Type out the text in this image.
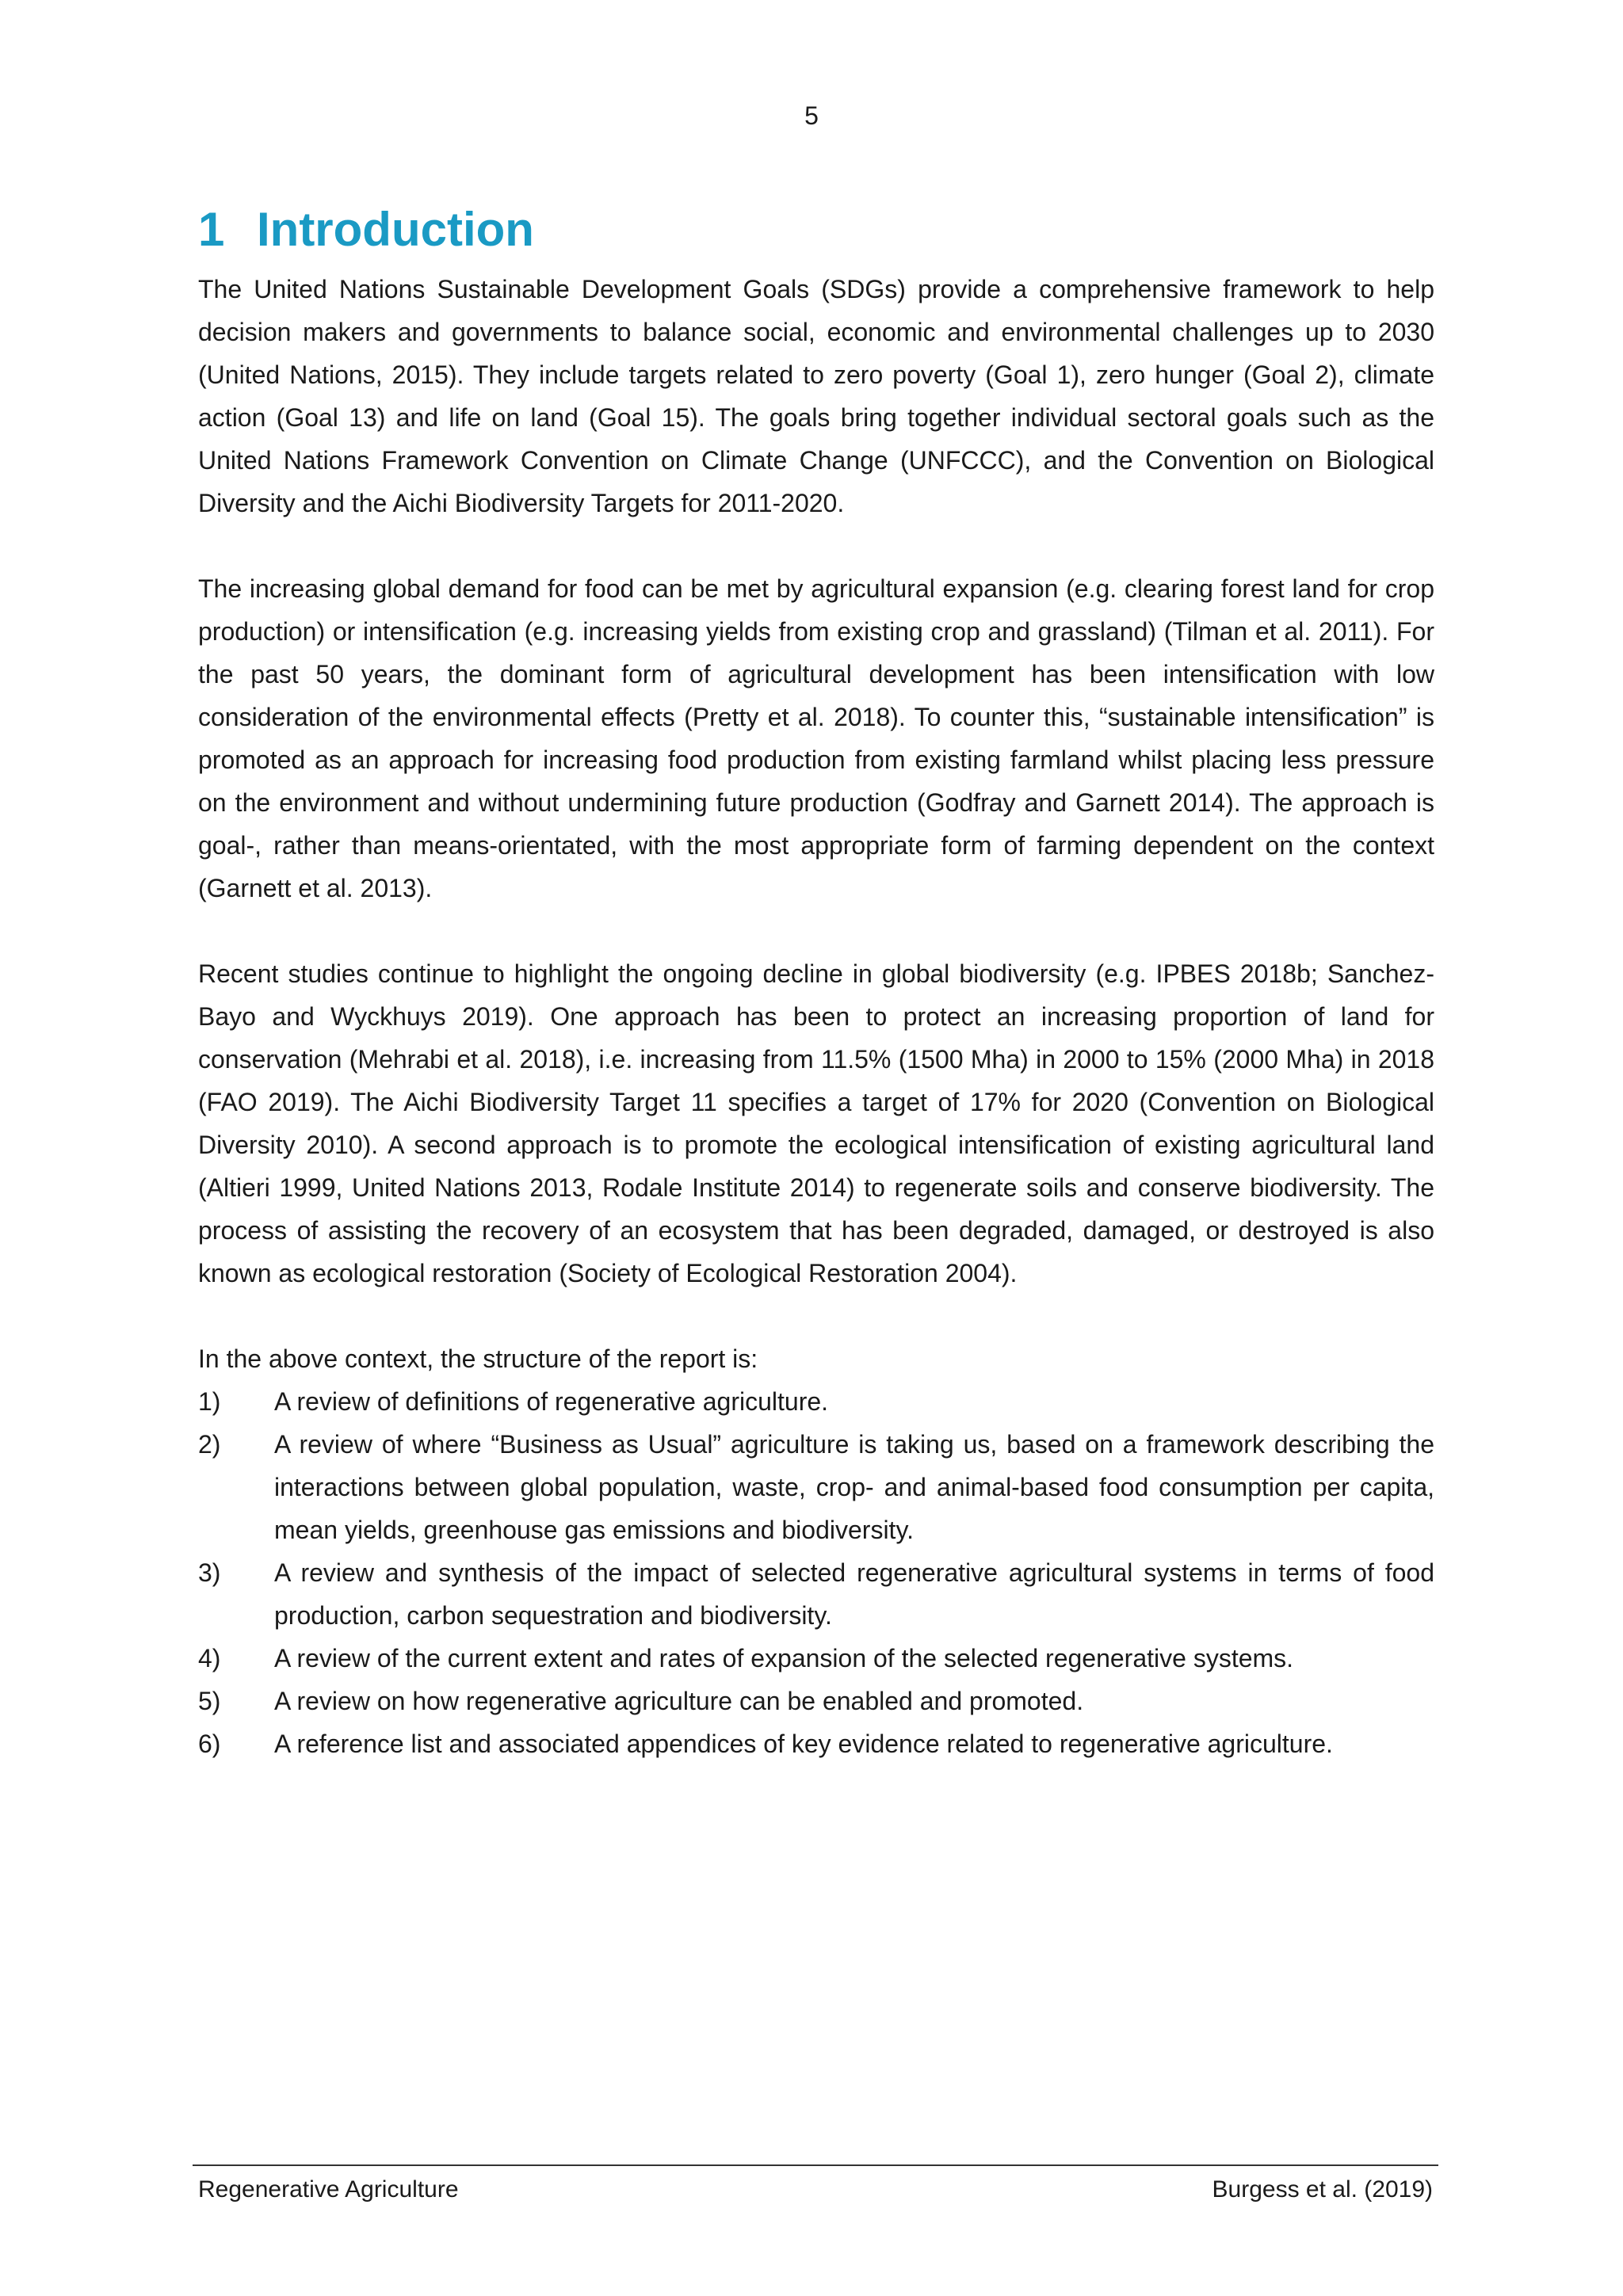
5
1 Introduction

The United Nations Sustainable Development Goals (SDGs) provide a comprehensive framework to help decision makers and governments to balance social, economic and environmental challenges up to 2030 (United Nations, 2015). They include targets related to zero poverty (Goal 1), zero hunger (Goal 2), climate action (Goal 13) and life on land (Goal 15). The goals bring together individual sectoral goals such as the United Nations Framework Convention on Climate Change (UNFCCC), and the Convention on Biological Diversity and the Aichi Biodiversity Targets for 2011-2020.

The increasing global demand for food can be met by agricultural expansion (e.g. clearing forest land for crop production) or intensification (e.g. increasing yields from existing crop and grassland) (Tilman et al. 2011). For the past 50 years, the dominant form of agricultural development has been intensification with low consideration of the environmental effects (Pretty et al. 2018). To counter this, “sustainable intensification” is promoted as an approach for increasing food production from existing farmland whilst placing less pressure on the environment and without undermining future production (Godfray and Garnett 2014). The approach is goal-, rather than means-orientated, with the most appropriate form of farming dependent on the context (Garnett et al. 2013).

Recent studies continue to highlight the ongoing decline in global biodiversity (e.g. IPBES 2018b; Sanchez-Bayo and Wyckhuys 2019). One approach has been to protect an increasing proportion of land for conservation (Mehrabi et al. 2018), i.e. increasing from 11.5% (1500 Mha) in 2000 to 15% (2000 Mha) in 2018 (FAO 2019). The Aichi Biodiversity Target 11 specifies a target of 17% for 2020 (Convention on Biological Diversity 2010). A second approach is to promote the ecological intensification of existing agricultural land (Altieri 1999, United Nations 2013, Rodale Institute 2014) to regenerate soils and conserve biodiversity. The process of assisting the recovery of an ecosystem that has been degraded, damaged, or destroyed is also known as ecological restoration (Society of Ecological Restoration 2004).

In the above context, the structure of the report is:

1)	A review of definitions of regenerative agriculture.
2)	A review of where “Business as Usual” agriculture is taking us, based on a framework describing the interactions between global population, waste, crop- and animal-based food consumption per capita, mean yields, greenhouse gas emissions and biodiversity.
3)	A review and synthesis of the impact of selected regenerative agricultural systems in terms of food production, carbon sequestration and biodiversity.
4)	A review of the current extent and rates of expansion of the selected regenerative systems.
5)	A review on how regenerative agriculture can be enabled and promoted.
6)	A reference list and associated appendices of key evidence related to regenerative agriculture.
Regenerative Agriculture	Burgess et al. (2019)
